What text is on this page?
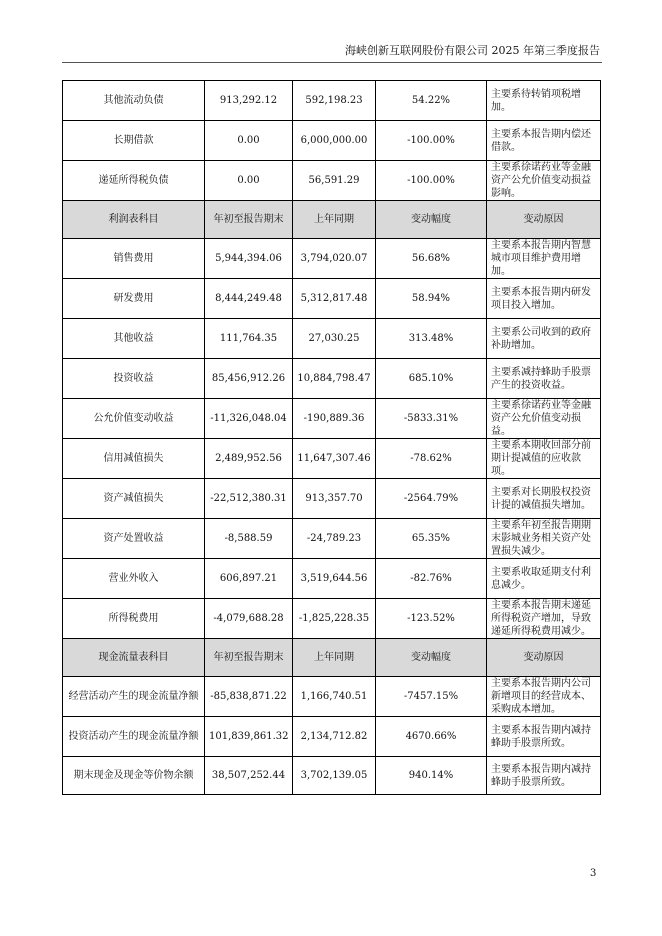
海峡创新互联网股份有限公司 2025 年第三季度报告
其他流动负债	913,292.12	592,198.23	54.22%	主要系待转销项税增加。
长期借款	0.00	6,000,000.00	-100.00%	主要系本报告期内偿还借款。
递延所得税负债	0.00	56,591.29	-100.00%	主要系徐诺药业等金融资产公允价值变动损益影响。
利润表科目	年初至报告期末	上年同期	变动幅度	变动原因
销售费用	5,944,394.06	3,794,020.07	56.68%	主要系本报告期内智慧城市项目维护费用增加。
研发费用	8,444,249.48	5,312,817.48	58.94%	主要系本报告期内研发项目投入增加。
其他收益	111,764.35	27,030.25	313.48%	主要系公司收到的政府补助增加。
投资收益	85,456,912.26	10,884,798.47	685.10%	主要系减持蜂助手股票产生的投资收益。
公允价值变动收益	-11,326,048.04	-190,889.36	-5833.31%	主要系徐诺药业等金融资产公允价值变动损益。
信用减值损失	2,489,952.56	11,647,307.46	-78.62%	主要系本期收回部分前期计提减值的应收款项。
资产减值损失	-22,512,380.31	913,357.70	-2564.79%	主要系对长期股权投资计提的减值损失增加。
资产处置收益	-8,588.59	-24,789.23	65.35%	主要系年初至报告期期末影城业务相关资产处置损失减少。
营业外收入	606,897.21	3,519,644.56	-82.76%	主要系收取延期支付利息减少。
所得税费用	-4,079,688.28	-1,825,228.35	-123.52%	主要系本报告期末递延所得税资产增加，导致递延所得税费用减少。
现金流量表科目	年初至报告期末	上年同期	变动幅度	变动原因
经营活动产生的现金流量净额	-85,838,871.22	1,166,740.51	-7457.15%	主要系本报告期内公司新增项目的经营成本、采购成本增加。
投资活动产生的现金流量净额	101,839,861.32	2,134,712.82	4670.66%	主要系本报告期内减持蜂助手股票所致。
期末现金及现金等价物余额	38,507,252.44	3,702,139.05	940.14%	主要系本报告期内减持蜂助手股票所致。
3
